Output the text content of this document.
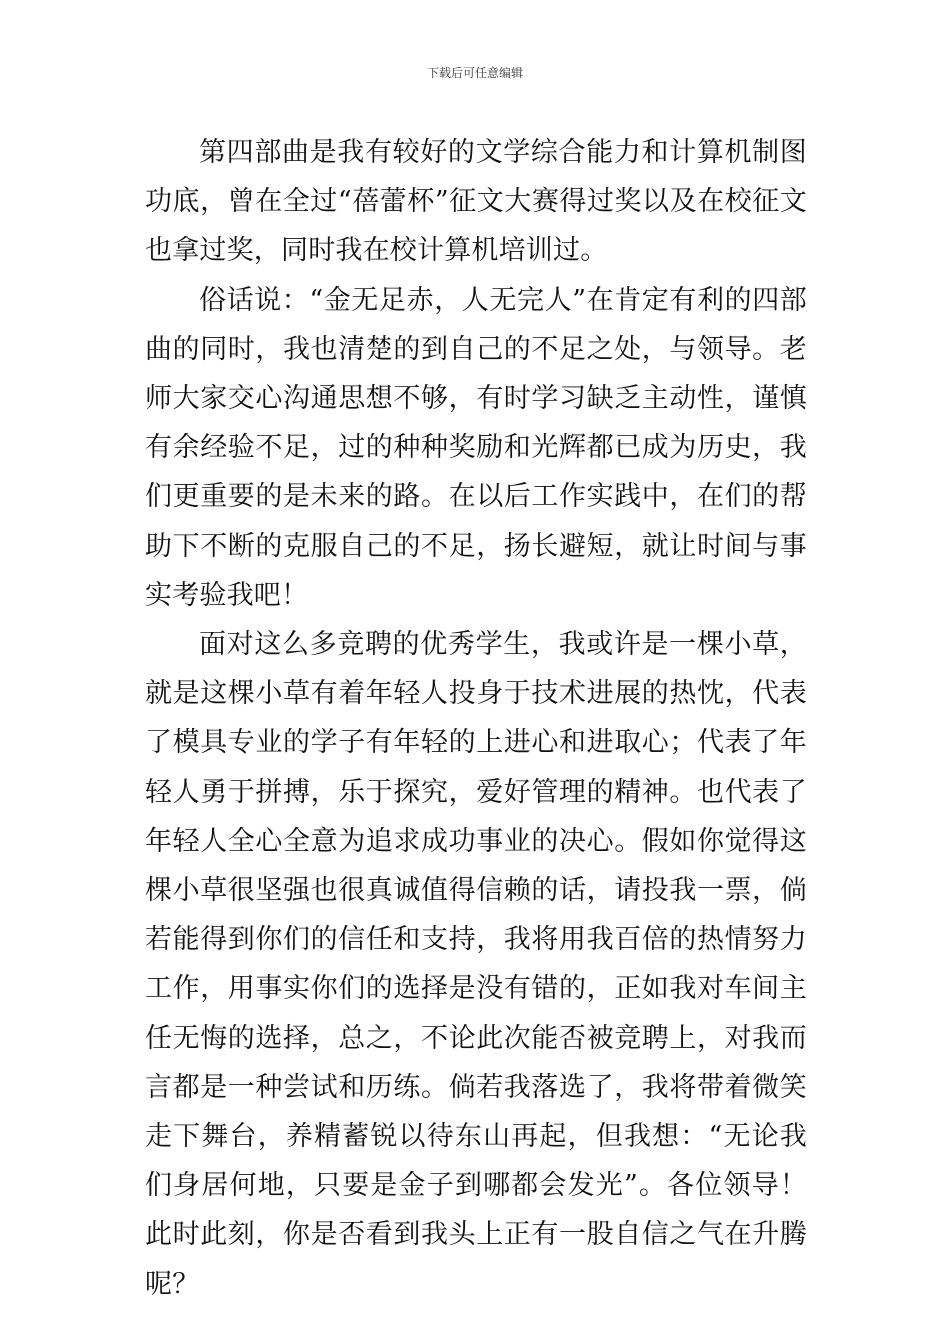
下载后可任意编辑

第四部曲是我有较好的文学综合能力和计算机制图功底，曾在全过“蓓蕾杯”征文大赛得过奖以及在校征文也拿过奖，同时我在校计算机培训过。

俗话说：“金无足赤，人无完人”在肯定有利的四部曲的同时，我也清楚的到自己的不足之处，与领导。老师大家交心沟通思想不够，有时学习缺乏主动性，谨慎有余经验不足，过的种种奖励和光辉都已成为历史，我们更重要的是未来的路。在以后工作实践中，在们的帮助下不断的克服自己的不足，扬长避短，就让时间与事实考验我吧！

面对这么多竞聘的优秀学生，我或许是一棵小草，就是这棵小草有着年轻人投身于技术进展的热忱，代表了模具专业的学子有年轻的上进心和进取心；代表了年轻人勇于拼搏，乐于探究，爱好管理的精神。也代表了年轻人全心全意为追求成功事业的决心。假如你觉得这棵小草很坚强也很真诚值得信赖的话，请投我一票，倘若能得到你们的信任和支持，我将用我百倍的热情努力工作，用事实你们的选择是没有错的，正如我对车间主任无悔的选择，总之，不论此次能否被竞聘上，对我而言都是一种尝试和历练。倘若我落选了，我将带着微笑走下舞台，养精蓄锐以待东山再起，但我想：“无论我们身居何地，只要是金子到哪都会发光”。各位领导！此时此刻，你是否看到我头上正有一股自信之气在升腾呢？
